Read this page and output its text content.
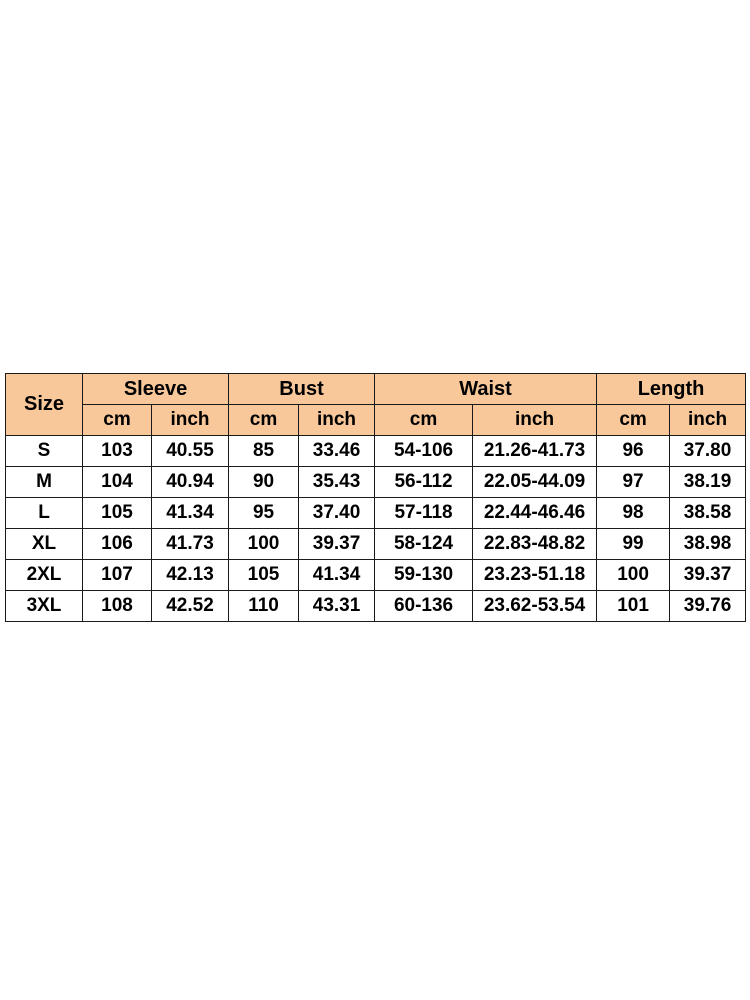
Size	Sleeve		Bust		Waist		Length	
	cm	inch	cm	inch	cm	inch	cm	inch
S	103	40.55	85	33.46	54-106	21.26-41.73	96	37.80
M	104	40.94	90	35.43	56-112	22.05-44.09	97	38.19
L	105	41.34	95	37.40	57-118	22.44-46.46	98	38.58
XL	106	41.73	100	39.37	58-124	22.83-48.82	99	38.98
2XL	107	42.13	105	41.34	59-130	23.23-51.18	100	39.37
3XL	108	42.52	110	43.31	60-136	23.62-53.54	101	39.76
